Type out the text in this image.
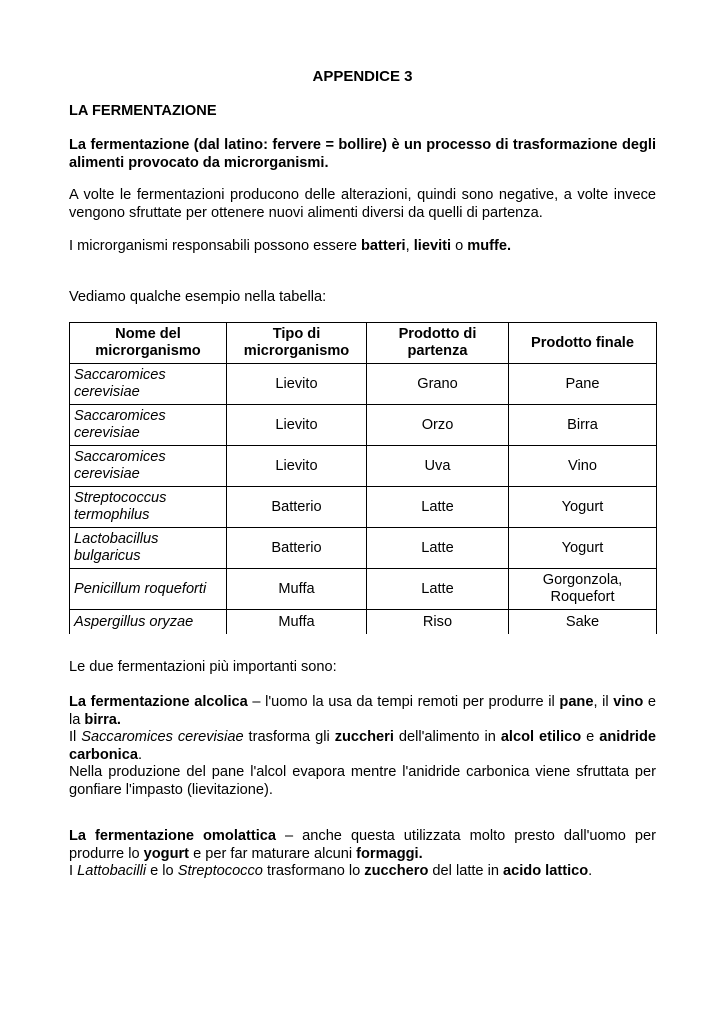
APPENDICE 3
LA FERMENTAZIONE

La fermentazione (dal latino: fervere = bollire) è un processo di trasformazione degli alimenti provocato da microrganismi.

A volte le fermentazioni producono delle alterazioni, quindi sono negative, a volte invece vengono sfruttate per ottenere nuovi alimenti diversi da quelli di partenza.

I microrganismi responsabili possono essere batteri, lieviti o muffe.

Vediamo qualche esempio nella tabella:

Nome del microrganismo	Tipo di microrganismo	Prodotto di partenza	Prodotto finale
Saccaromices cerevisiae	Lievito	Grano	Pane
Saccaromices cerevisiae	Lievito	Orzo	Birra
Saccaromices cerevisiae	Lievito	Uva	Vino
Streptococcus termophilus	Batterio	Latte	Yogurt
Lactobacillus bulgaricus	Batterio	Latte	Yogurt
Penicillum roqueforti	Muffa	Latte	Gorgonzola, Roquefort
Aspergillus oryzae	Muffa	Riso	Sake

Le due fermentazioni più importanti sono:

La fermentazione alcolica – l'uomo la usa da tempi remoti per produrre il pane, il vino e la birra.

Il Saccaromices cerevisiae trasforma gli zuccheri dell'alimento in alcol etilico e anidride carbonica.

Nella produzione del pane l'alcol evapora mentre l'anidride carbonica viene sfruttata per gonfiare l'impasto (lievitazione).

La fermentazione omolattica – anche questa utilizzata molto presto dall'uomo per produrre lo yogurt e per far maturare alcuni formaggi.

I Lattobacilli e lo Streptococco trasformano lo zucchero del latte in acido lattico.
